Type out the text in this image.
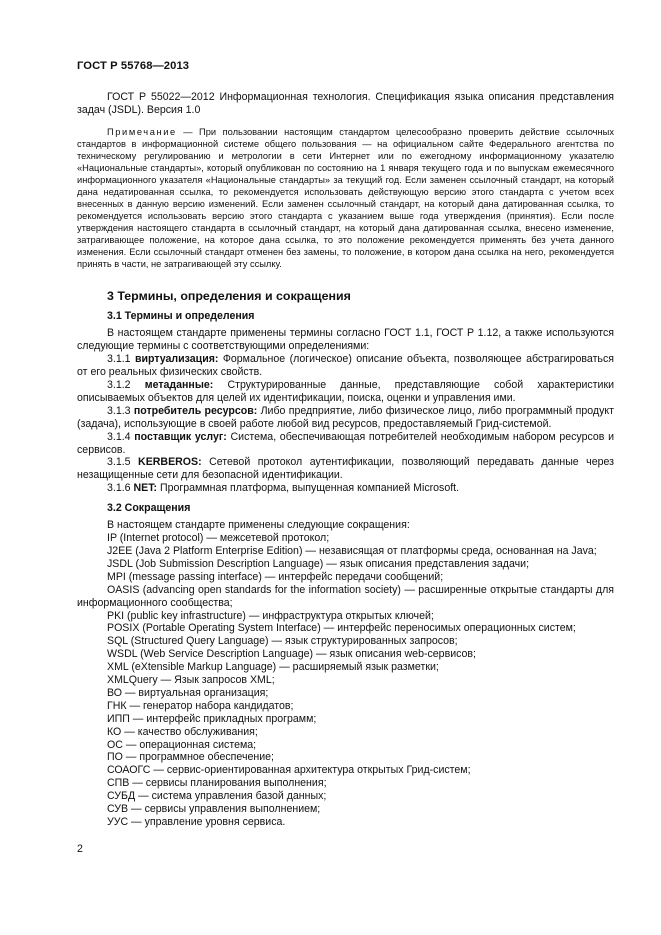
ГОСТ Р 55768—2013

ГОСТ Р 55022—2012 Информационная технология. Спецификация языка описания представления задач (JSDL). Версия 1.0

Примечание — При пользовании настоящим стандартом целесообразно проверить действие ссылочных стандартов в информационной системе общего пользования — на официальном сайте Федерального агентства по техническому регулированию и метрологии в сети Интернет или по ежегодному информационному указателю «Национальные стандарты», который опубликован по состоянию на 1 января текущего года и по выпускам ежемесячного информационного указателя «Национальные стандарты» за текущий год. Если заменен ссылочный стандарт, на который дана недатированная ссылка, то рекомендуется использовать действующую версию этого стандарта с учетом всех внесенных в данную версию изменений. Если заменен ссылочный стандарт, на который дана датированная ссылка, то рекомендуется использовать версию этого стандарта с указанием выше года утверждения (принятия). Если после утверждения настоящего стандарта в ссылочный стандарт, на который дана датированная ссылка, внесено изменение, затрагивающее положение, на которое дана ссылка, то это положение рекомендуется применять без учета данного изменения. Если ссылочный стандарт отменен без замены, то положение, в котором дана ссылка на него, рекомендуется принять в части, не затрагивающей эту ссылку.

3 Термины, определения и сокращения
3.1 Термины и определения

В настоящем стандарте применены термины согласно ГОСТ 1.1, ГОСТ Р 1.12, а также используются следующие термины с соответствующими определениями:

3.1.1 виртуализация: Формальное (логическое) описание объекта, позволяющее абстрагироваться от его реальных физических свойств.

3.1.2 метаданные: Структурированные данные, представляющие собой характеристики описываемых объектов для целей их идентификации, поиска, оценки и управления ими.

3.1.3 потребитель ресурсов: Либо предприятие, либо физическое лицо, либо программный продукт (задача), использующие в своей работе любой вид ресурсов, предоставляемый Грид-системой.

3.1.4 поставщик услуг: Система, обеспечивающая потребителей необходимым набором ресурсов и сервисов.

3.1.5 KERBEROS: Сетевой протокол аутентификации, позволяющий передавать данные через незащищенные сети для безопасной идентификации.

3.1.6 NET: Программная платформа, выпущенная компанией Microsoft.

3.2 Сокращения

В настоящем стандарте применены следующие сокращения:

IP (Internet protocol) — межсетевой протокол;
J2EE (Java 2 Platform Enterprise Edition) — независящая от платформы среда, основанная на Java;
JSDL (Job Submission Description Language) — язык описания представления задачи;
MPI (message passing interface) — интерфейс передачи сообщений;
OASIS (advancing open standards for the information society) — расширенные открытые стандарты для информационного сообщества;
PKI (public key infrastructure) — инфраструктура открытых ключей;
POSIX (Portable Operating System Interface) — интерфейс переносимых операционных систем;
SQL (Structured Query Language) — язык структурированных запросов;
WSDL (Web Service Description Language) — язык описания web-сервисов;
XML (eXtensible Markup Language) — расширяемый язык разметки;
XMLQuery — Язык запросов XML;
ВО — виртуальная организация;
ГНК — генератор набора кандидатов;
ИПП — интерфейс прикладных программ;
КО — качество обслуживания;
ОС — операционная система;
ПО — программное обеспечение;
СОАОГС — сервис-ориентированная архитектура открытых Грид-систем;
СПВ — сервисы планирования выполнения;
СУБД — система управления базой данных;
СУВ — сервисы управления выполнением;
УУС — управление уровня сервиса.
2
